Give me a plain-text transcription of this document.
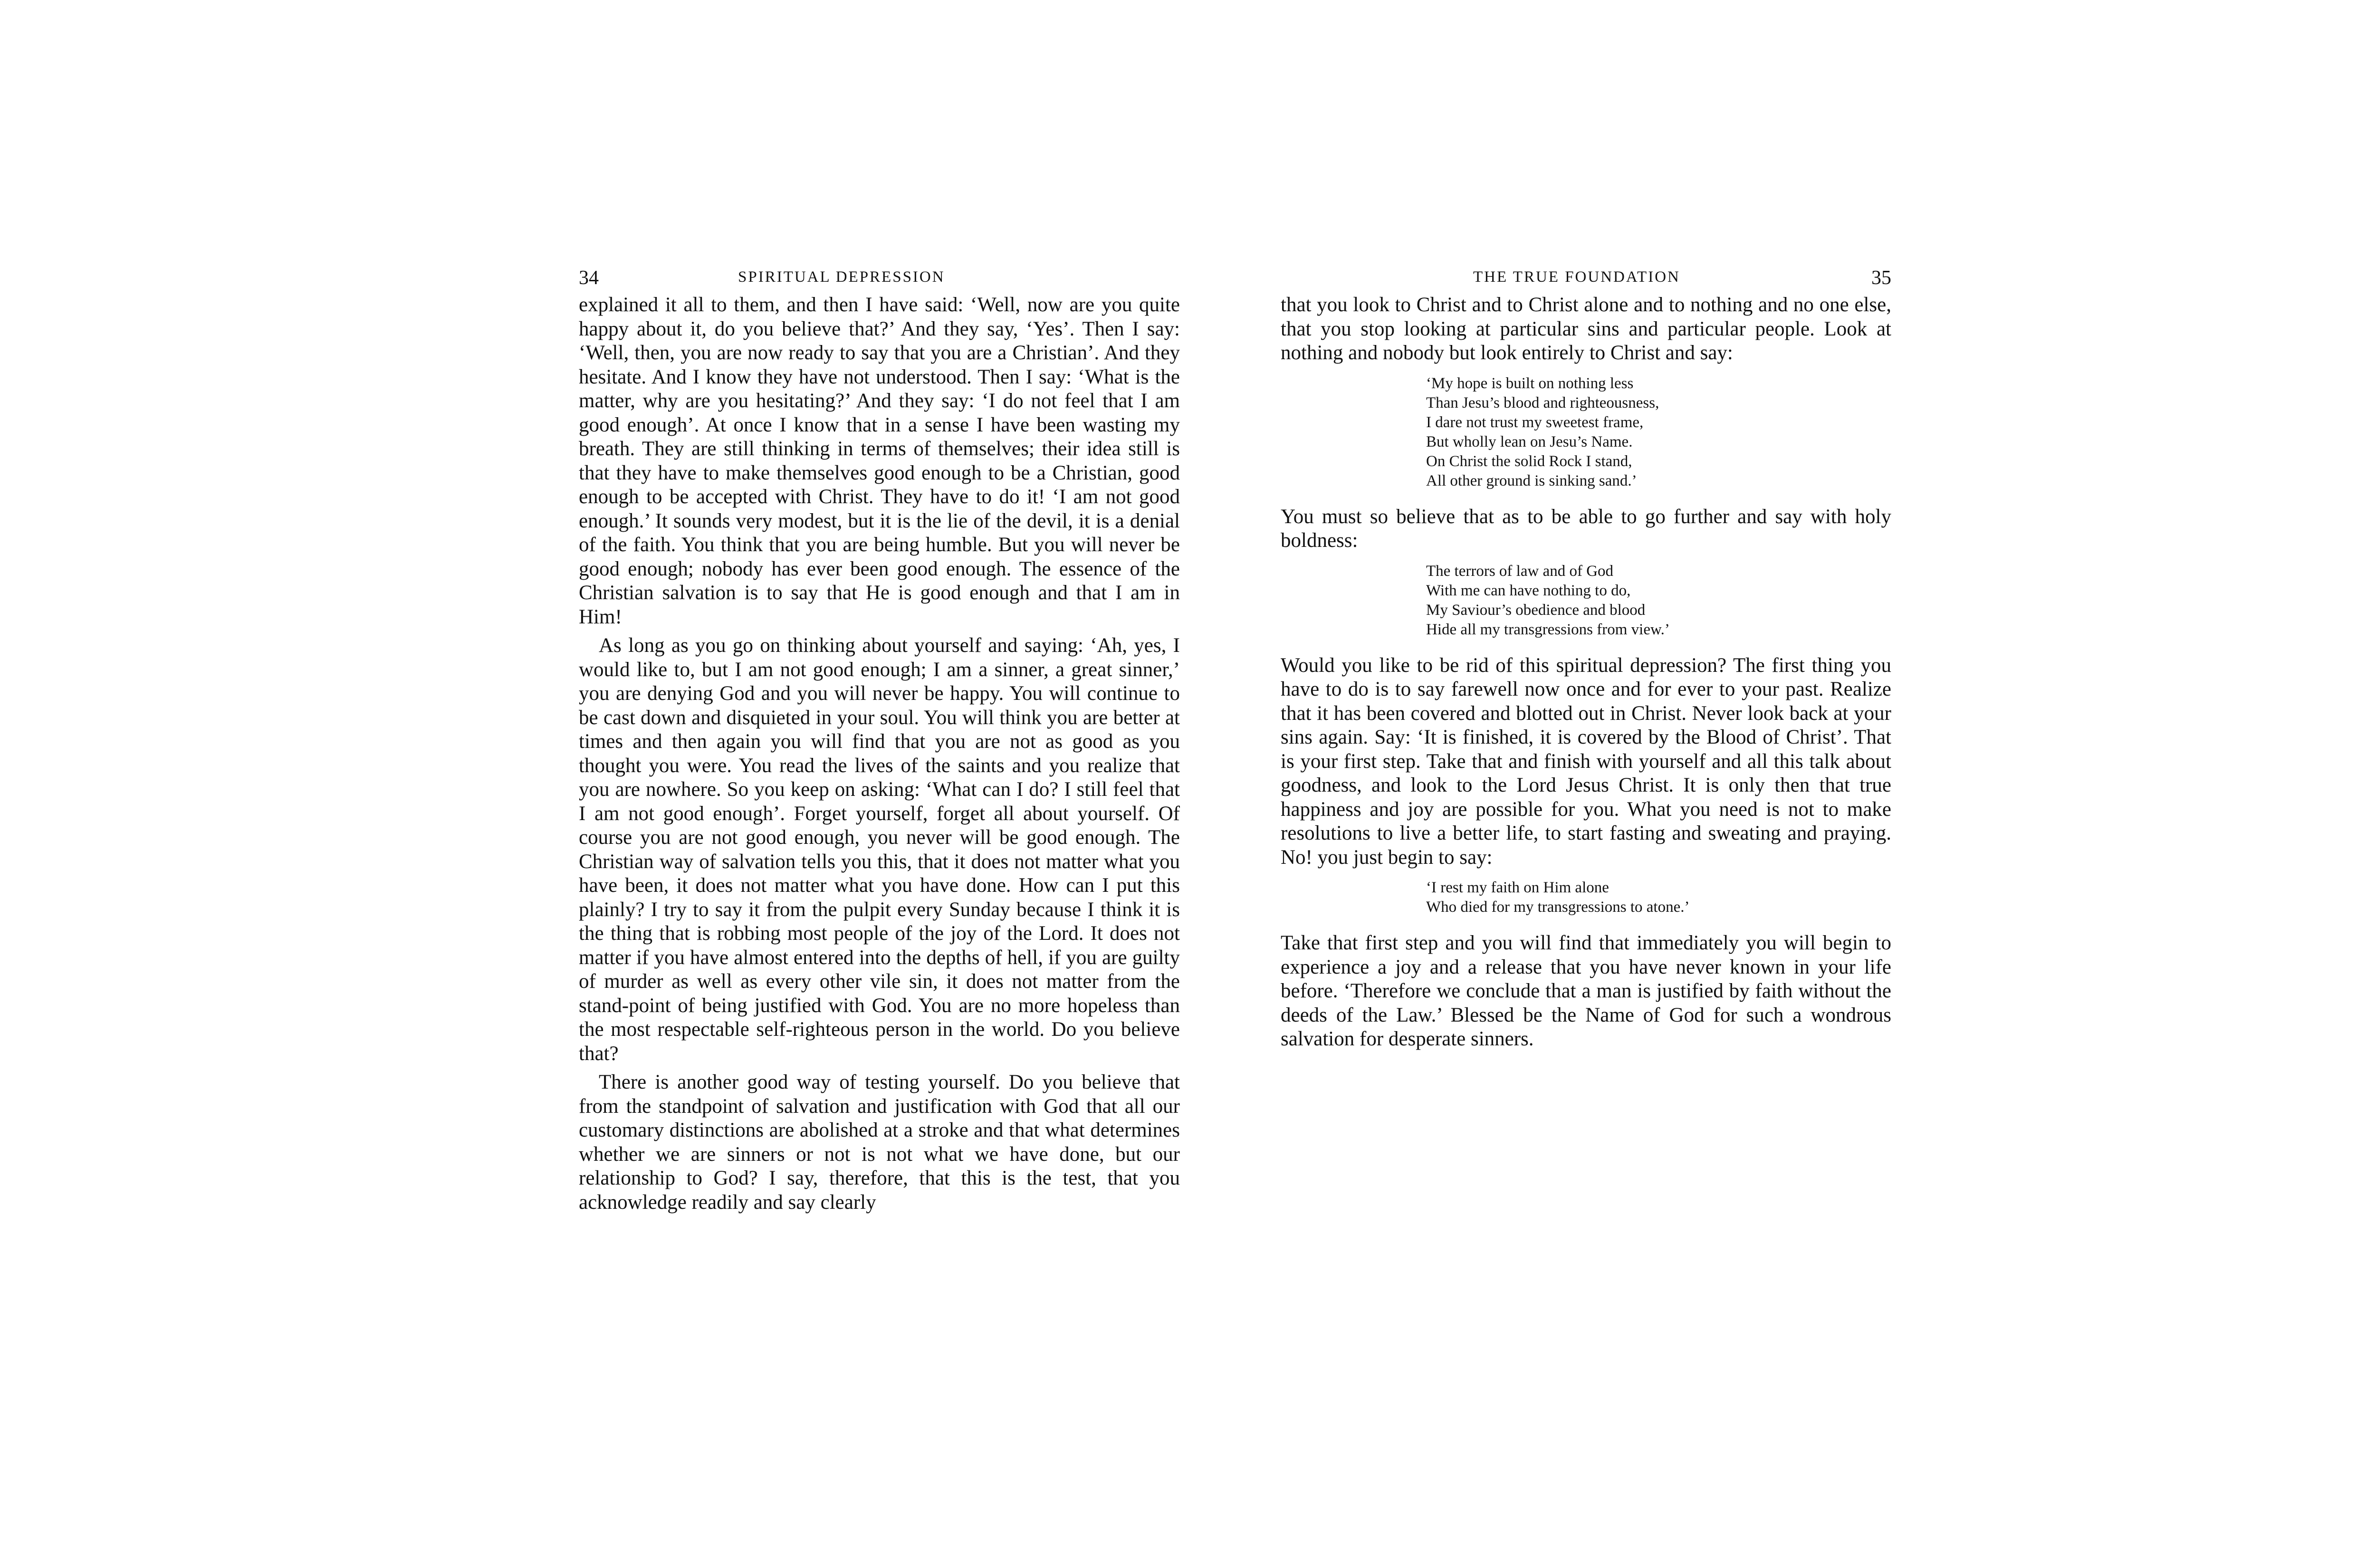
34	SPIRITUAL DEPRESSION

explained it all to them, and then I have said: ‘Well, now are you quite happy about it, do you believe that?’ And they say, ‘Yes’. Then I say: ‘Well, then, you are now ready to say that you are a Christian’. And they hesitate. And I know they have not understood. Then I say: ‘What is the matter, why are you hesitating?’ And they say: ‘I do not feel that I am good enough’. At once I know that in a sense I have been wasting my breath. They are still thinking in terms of themselves; their idea still is that they have to make themselves good enough to be a Christian, good enough to be accepted with Christ. They have to do it! ‘I am not good enough.’ It sounds very modest, but it is the lie of the devil, it is a denial of the faith. You think that you are being humble. But you will never be good enough; nobody has ever been good enough. The essence of the Christian salvation is to say that He is good enough and that I am in Him!

As long as you go on thinking about yourself and saying: ‘Ah, yes, I would like to, but I am not good enough; I am a sinner, a great sinner,’ you are denying God and you will never be happy. You will continue to be cast down and disquieted in your soul. You will think you are better at times and then again you will find that you are not as good as you thought you were. You read the lives of the saints and you realize that you are nowhere. So you keep on asking: ‘What can I do? I still feel that I am not good enough’. Forget yourself, forget all about yourself. Of course you are not good enough, you never will be good enough. The Christian way of salvation tells you this, that it does not matter what you have been, it does not matter what you have done. How can I put this plainly? I try to say it from the pulpit every Sunday because I think it is the thing that is robbing most people of the joy of the Lord. It does not matter if you have almost entered into the depths of hell, if you are guilty of murder as well as every other vile sin, it does not matter from the stand-point of being justified with God. You are no more hopeless than the most respectable self-righteous person in the world. Do you believe that?

There is another good way of testing yourself. Do you believe that from the standpoint of salvation and justification with God that all our customary distinctions are abolished at a stroke and that what determines whether we are sinners or not is not what we have done, but our relationship to God? I say, therefore, that this is the test, that you acknowledge readily and say clearly

THE TRUE FOUNDATION	35

that you look to Christ and to Christ alone and to nothing and no one else, that you stop looking at particular sins and particular people. Look at nothing and nobody but look entirely to Christ and say:

‘My hope is built on nothing less
Than Jesu’s blood and righteousness,
I dare not trust my sweetest frame,
But wholly lean on Jesu’s Name.
On Christ the solid Rock I stand,
All other ground is sinking sand.’

You must so believe that as to be able to go further and say with holy boldness:

The terrors of law and of God
With me can have nothing to do,
My Saviour’s obedience and blood
Hide all my transgressions from view.’

Would you like to be rid of this spiritual depression? The first thing you have to do is to say farewell now once and for ever to your past. Realize that it has been covered and blotted out in Christ. Never look back at your sins again. Say: ‘It is finished, it is covered by the Blood of Christ’. That is your first step. Take that and finish with yourself and all this talk about goodness, and look to the Lord Jesus Christ. It is only then that true happiness and joy are possible for you. What you need is not to make resolutions to live a better life, to start fasting and sweating and praying. No! you just begin to say:

‘I rest my faith on Him alone
Who died for my transgressions to atone.’

Take that first step and you will find that immediately you will begin to experience a joy and a release that you have never known in your life before. ‘Therefore we conclude that a man is justified by faith without the deeds of the Law.’ Blessed be the Name of God for such a wondrous salvation for desperate sinners.
